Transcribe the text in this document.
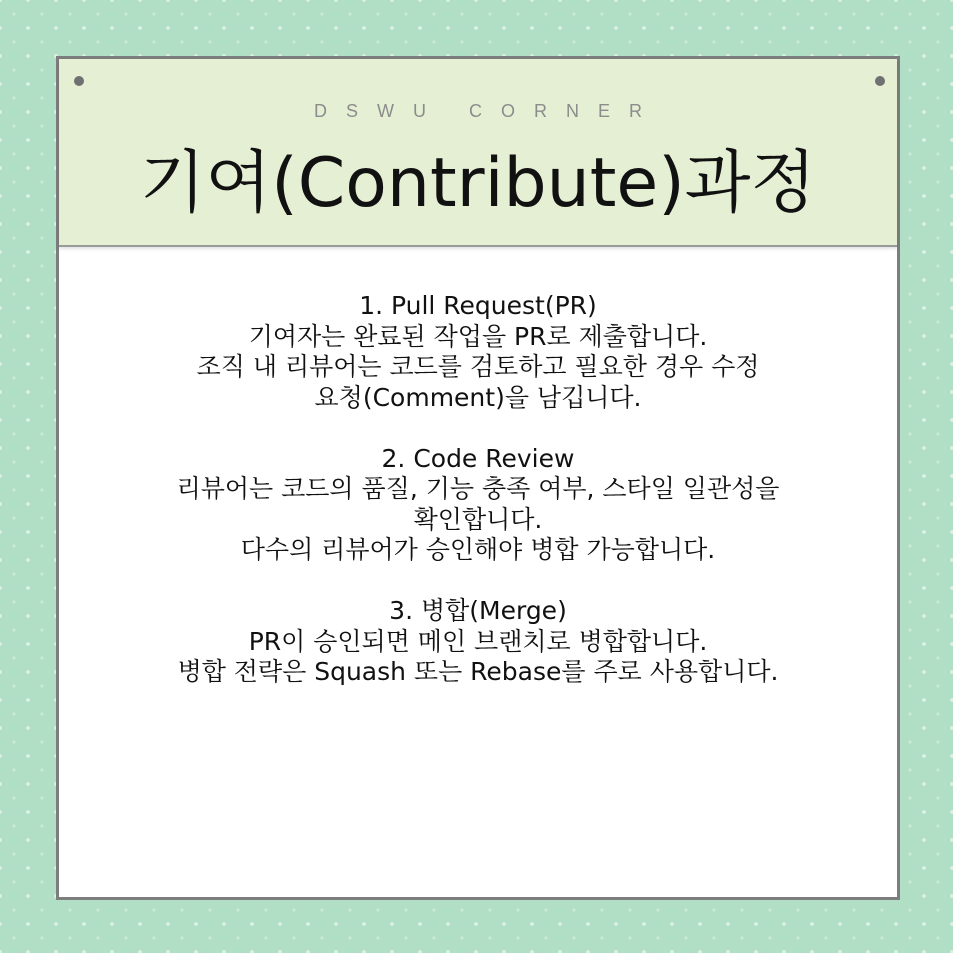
DSWU CORNER
기여(Contribute)과정
1. Pull Request(PR)
기여자는 완료된 작업을 PR로 제출합니다.
조직 내 리뷰어는 코드를 검토하고 필요한 경우 수정
요청(Comment)을 남깁니다.
2. Code Review
리뷰어는 코드의 품질, 기능 충족 여부, 스타일 일관성을
확인합니다.
다수의 리뷰어가 승인해야 병합 가능합니다.
3. 병합(Merge)
PR이 승인되면 메인 브랜치로 병합합니다.
병합 전략은 Squash 또는 Rebase를 주로 사용합니다.
